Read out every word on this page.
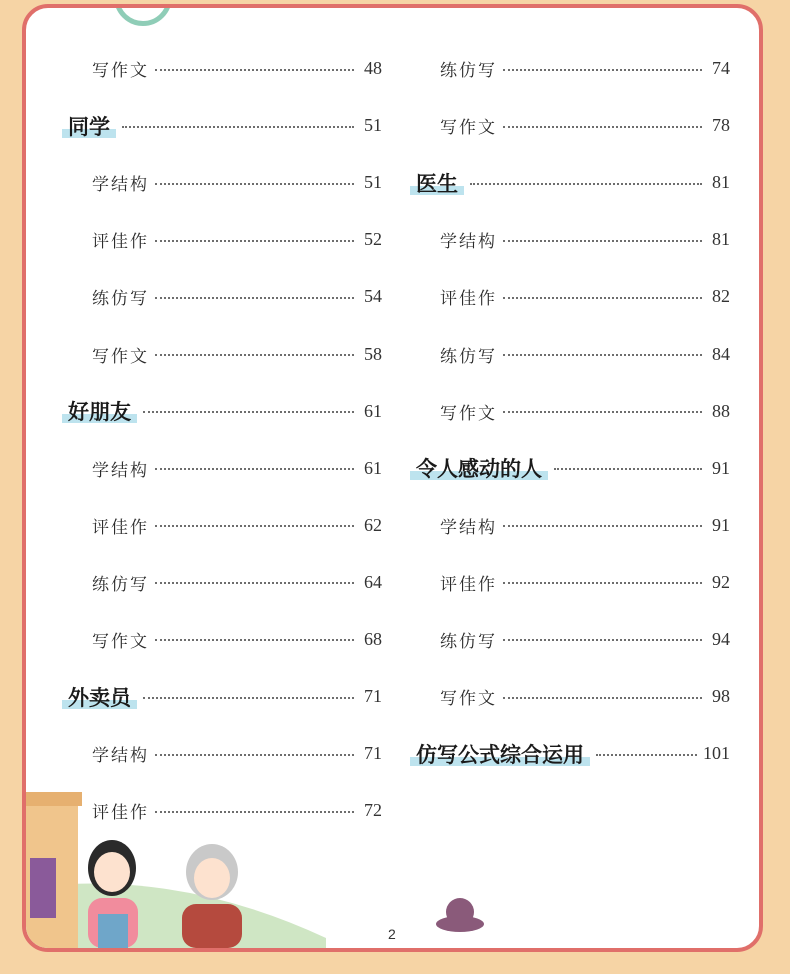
写作文	48
同学	51
学结构	51
评佳作	52
练仿写	54
写作文	58
好朋友	61
学结构	61
评佳作	62
练仿写	64
写作文	68
外卖员	71
学结构	71
评佳作	72
练仿写	74
写作文	78
医生	81
学结构	81
评佳作	82
练仿写	84
写作文	88
令人感动的人	91
学结构	91
评佳作	92
练仿写	94
写作文	98
仿写公式综合运用	101
2
